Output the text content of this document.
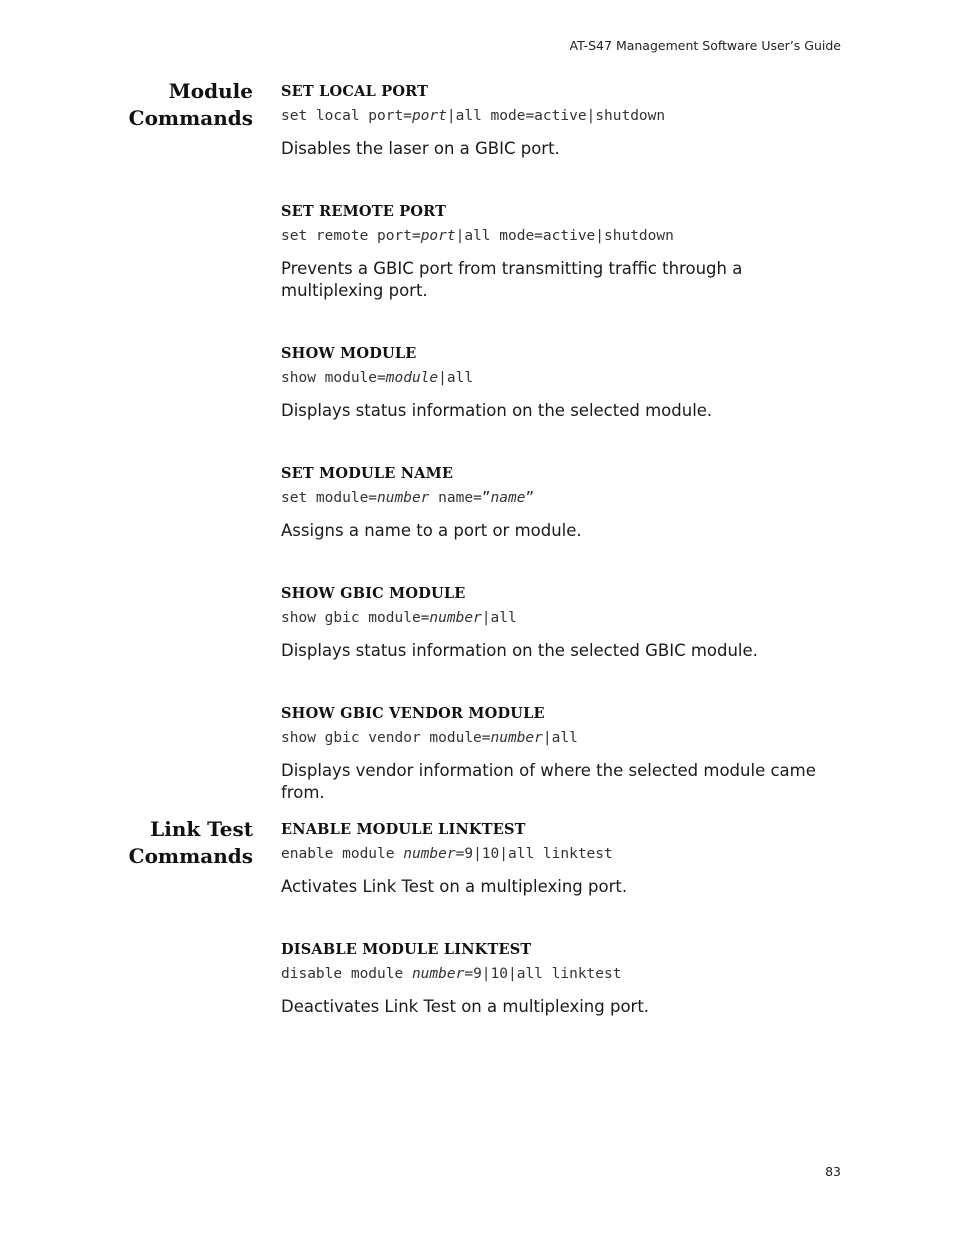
AT-S47 Management Software User’s Guide
Module
Commands
SET LOCAL PORT
set local port=port|all mode=active|shutdown
Disables the laser on a GBIC port.
SET REMOTE PORT
set remote port=port|all mode=active|shutdown
Prevents a GBIC port from transmitting traffic through a multiplexing port.
SHOW MODULE
show module=module|all
Displays status information on the selected module.
SET MODULE NAME
set module=number name=”name”
Assigns a name to a port or module.
SHOW GBIC MODULE
show gbic module=number|all
Displays status information on the selected GBIC module.
SHOW GBIC VENDOR MODULE
show gbic vendor module=number|all
Displays vendor information of where the selected module came from.
Link Test
Commands
ENABLE MODULE LINKTEST
enable module number=9|10|all linktest
Activates Link Test on a multiplexing port.
DISABLE MODULE LINKTEST
disable module number=9|10|all linktest
Deactivates Link Test on a multiplexing port.
83
